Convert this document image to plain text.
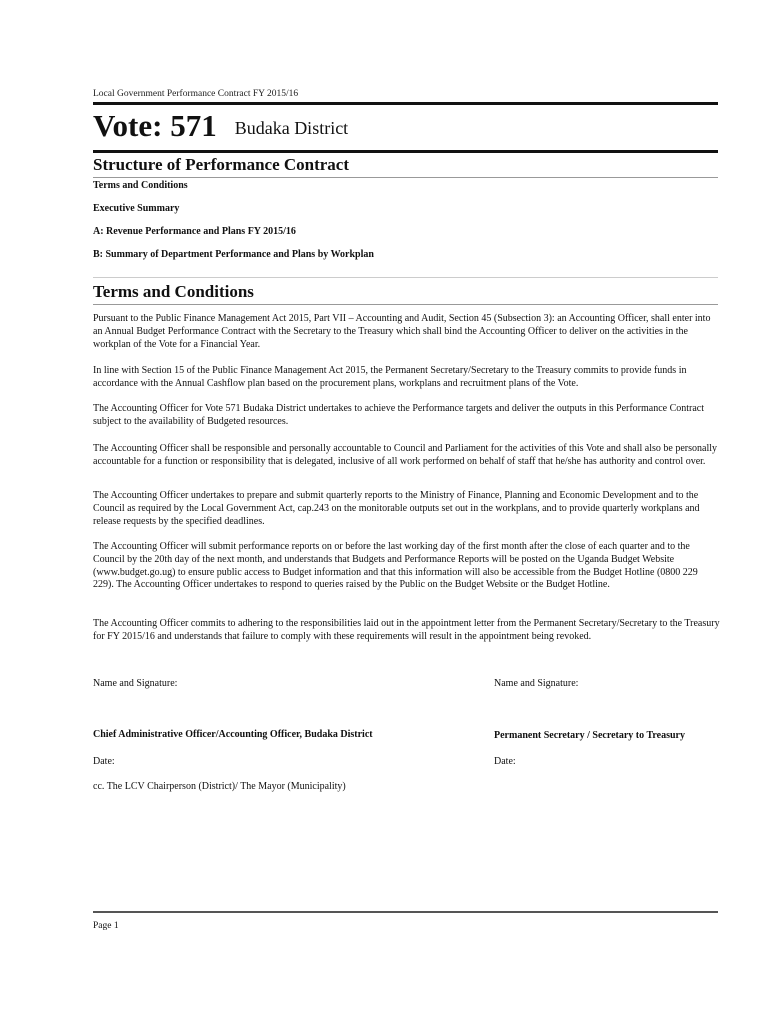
Local Government Performance Contract FY 2015/16
Vote: 571 Budaka District
Structure of Performance Contract
Terms and Conditions
Executive Summary
A: Revenue Performance and Plans FY 2015/16
B: Summary of Department Performance and Plans by Workplan
Terms and Conditions

Pursuant to the Public Finance Management Act 2015, Part VII – Accounting and Audit, Section 45 (Subsection 3): an Accounting Officer, shall enter into an Annual Budget Performance Contract with the Secretary to the Treasury which shall bind the Accounting Officer to deliver on the activities in the workplan of the Vote for a Financial Year.

In line with Section 15 of the Public Finance Management Act 2015, the Permanent Secretary/Secretary to the Treasury commits to provide funds in accordance with the Annual Cashflow plan based on the procurement plans, workplans and recruitment plans of the Vote.

The Accounting Officer for Vote 571 Budaka District undertakes to achieve the Performance targets and deliver the outputs in this Performance Contract subject to the availability of Budgeted resources.

The Accounting Officer shall be responsible and personally accountable to Council and Parliament for the activities of this Vote and shall also be personally accountable for a function or responsibility that is delegated, inclusive of all work performed on behalf of staff that he/she has authority and control over.

The Accounting Officer undertakes to prepare and submit quarterly reports to the Ministry of Finance, Planning and Economic Development and to the Council as required by the Local Government Act, cap.243 on the monitorable outputs set out in the workplans, and to provide quarterly workplans and release requests by the specified deadlines.

The Accounting Officer will submit performance reports on or before the last working day of the first month after the close of each quarter and to the Council by the 20th day of the next month, and understands that Budgets and Performance Reports will be posted on the Uganda Budget Website (www.budget.go.ug) to ensure public access to Budget information and that this information will also be accessible from the Budget Hotline (0800 229 229). The Accounting Officer undertakes to respond to queries raised by the Public on the Budget Website or the Budget Hotline.

The Accounting Officer commits to adhering to the responsibilities laid out in the appointment letter from the Permanent Secretary/Secretary to the Treasury for FY 2015/16 and understands that failure to comply with these requirements will result in the appointment being revoked.

Name and Signature:	Name and Signature:
Chief Administrative Officer/Accounting Officer, Budaka District	Permanent Secretary / Secretary to Treasury
Date:	Date:
cc. The LCV Chairperson (District)/ The Mayor (Municipality)
Page 1
